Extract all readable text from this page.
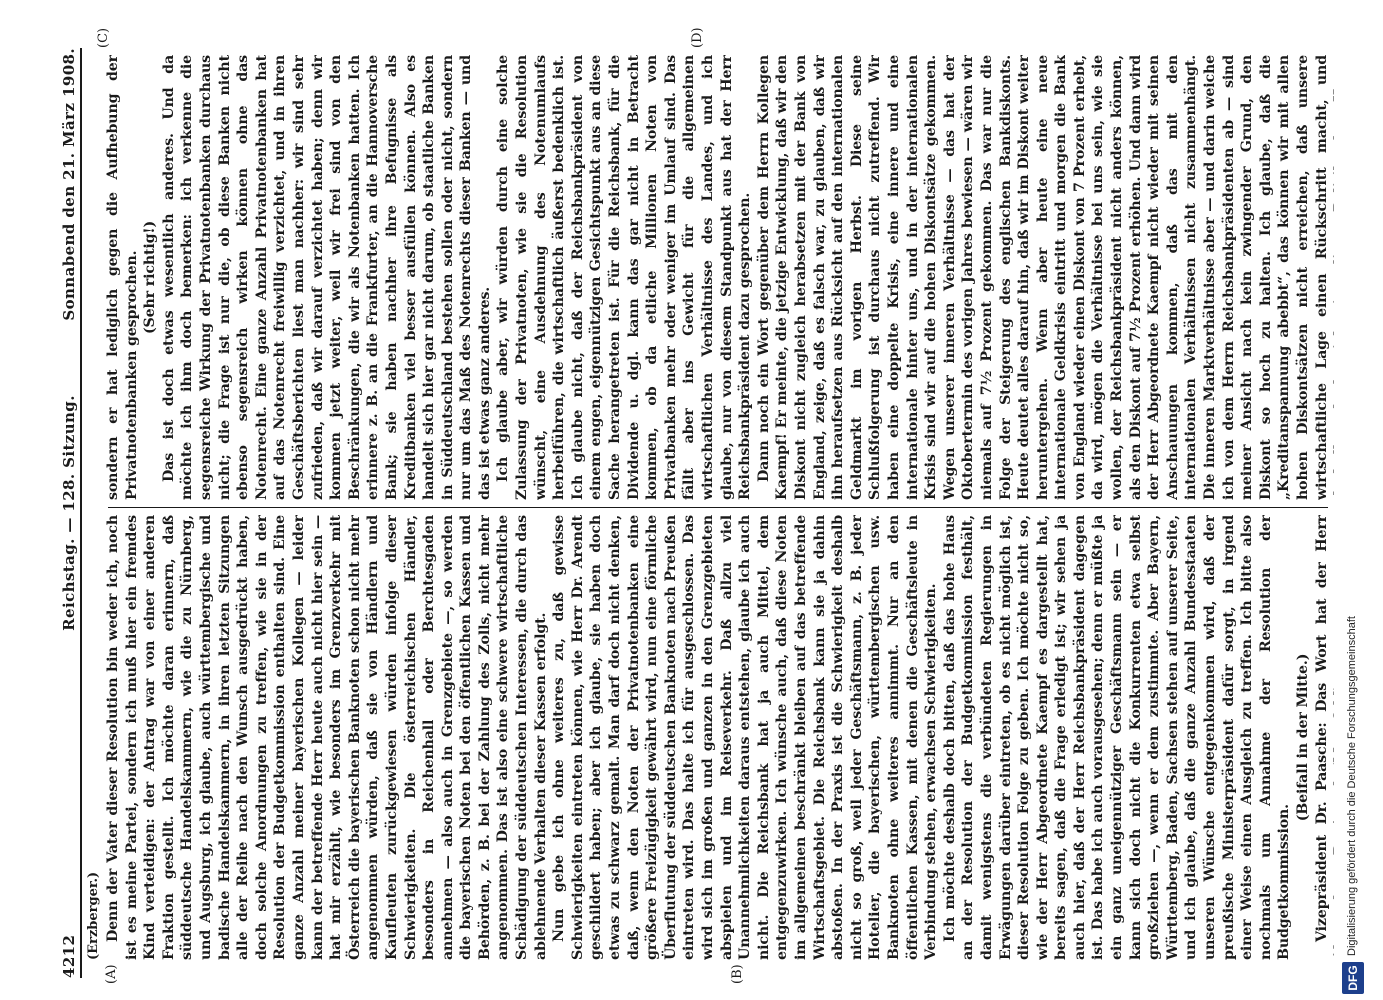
4212
Reichstag. — 128. Sitzung.
Sonnabend den 21. März 1908.
(Erzberger.)
(A)	(B)
(C)	(D)

Denn der Vater dieser Resolution bin weder ich, noch ist es meine Partei, sondern ich muß hier ein fremdes Kind verteidigen: der Antrag war von einer anderen Fraktion gestellt. Ich möchte daran erinnern, daß süddeutsche Handelskammern, wie die zu Nürnberg, und Augsburg, ich glaube, auch württembergische und badische Handelskammern, in ihren letzten Sitzungen alle der Reihe nach den Wunsch ausgedrückt haben, doch solche Anordnungen zu treffen, wie sie in der Resolution der Budgetkommission enthalten sind. Eine ganze Anzahl meiner bayerischen Kollegen — leider kann der betreffende Herr heute auch nicht hier sein — hat mir erzählt, wie besonders im Grenzverkehr mit Österreich die bayerischen Banknoten schon nicht mehr angenommen würden, daß sie von Händlern und Kaufleuten zurückgewiesen würden infolge dieser Schwierigkeiten. Die österreichischen Händler, besonders in Reichenhall oder Berchtesgaden annehmen — also auch in Grenzgebiete —, so werden die bayerischen Noten bei den öffentlichen Kassen und Behörden, z. B. bei der Zahlung des Zolls, nicht mehr angenommen. Das ist also eine schwere wirtschaftliche Schädigung der süddeutschen Interessen, die durch das ablehnende Verhalten dieser Kassen erfolgt. Nun gebe ich ohne weiteres zu, daß gewisse Schwierigkeiten eintreten können, wie Herr Dr. Arendt geschildert haben; aber ich glaube, sie haben doch etwas zu schwarz gemalt. Man darf doch nicht denken, daß, wenn den Noten der Privatnotenbanken eine größere Freizügigkeit gewährt wird, nun eine förmliche Überflutung der süddeutschen Banknoten nach Preußen eintreten wird. Das halte ich für ausgeschlossen. Das wird sich im großen und ganzen in den Grenzgebieten abspielen und im Reiseverkehr. Daß allzu viel Unannehmlichkeiten daraus entstehen, glaube ich auch nicht. Die Reichsbank hat ja auch Mittel, dem entgegenzuwirken. Ich wünsche auch, daß diese Noten im allgemeinen beschränkt bleiben auf das betreffende Wirtschaftsgebiet. Die Reichsbank kann sie ja dahin abstoßen. In der Praxis ist die Schwierigkeit deshalb nicht so groß, weil jeder Geschäftsmann, z. B. jeder Hotelier, die bayerischen, württembergischen usw. Banknoten ohne weiteres annimmt. Nur an den öffentlichen Kassen, mit denen die Geschäftsleute in Verbindung stehen, erwachsen Schwierigkeiten. Ich möchte deshalb doch bitten, daß das hohe Haus an der Resolution der Budgetkommission festhält, damit wenigstens die verbündeten Regierungen in Erwägungen darüber eintreten, ob es nicht möglich ist, dieser Resolution Folge zu geben. Ich möchte nicht so, wie der Herr Abgeordnete Kaempf es dargestellt hat, bereits sagen, daß die Frage erledigt ist; wir sehen ja auch hier, daß der Herr Reichsbankpräsident dagegen ist. Das habe ich auch vorausgesehen; denn er müßte ja ein ganz uneigennütziger Geschäftsmann sein — er kann sich doch nicht die Konkurrenten etwa selbst großziehen —, wenn er dem zustimmte. Aber Bayern, Württemberg, Baden, Sachsen stehen auf unserer Seite, und ich glaube, daß die ganze Anzahl Bundesstaaten unseren Wünsche entgegenkommen wird, daß der preußische Ministerpräsident dafür sorgt, in irgend einer Weise einen Ausgleich zu treffen. Ich bitte also nochmals um Annahme der Resolution der Budgetkommission.

(Beifall in der Mitte.)

Vizepräsident Dr. Paasche: Das Wort hat der Herr

sondern er hat lediglich gegen die Aufhebung der Privatnotenbanken gesprochen. (Sehr richtig!) Das ist doch etwas wesentlich anderes. Und da möchte ich ihm doch bemerken: ich verkenne die segensreiche Wirkung der Privatnotenbanken durchaus nicht; die Frage ist nur die, ob diese Banken nicht ebenso segensreich wirken können ohne das Notenrecht. Eine ganze Anzahl Privatnotenbanken hat auf das Notenrecht freiwillig verzichtet, und in ihren Geschäftsberichten liest man nachher: wir sind sehr zufrieden, daß wir darauf verzichtet haben; denn wir kommen jetzt weiter, weil wir frei sind von den Beschränkungen, die wir als Notenbanken hatten. Ich erinnere z. B. an die Frankfurter, an die Hannoversche Bank; sie haben nachher ihre Befugnisse als Kreditbanken viel besser ausfüllen können. Also es handelt sich hier gar nicht darum, ob staatliche Banken in Süddeutschland bestehen sollen oder nicht, sondern nur um das Maß des Notenrechts dieser Banken — und das ist etwas ganz anderes. Ich glaube aber, wir würden durch eine solche Zulassung der Privatnoten, wie sie die Resolution wünscht, eine Ausdehnung des Notenumlaufs herbeiführen, die wirtschaftlich äußerst bedenklich ist. Ich glaube nicht, daß der Reichsbankpräsident von einem engen, eigennützigen Gesichtspunkt aus an diese Sache herangetreten ist. Für die Reichsbank, für die Dividende u. dgl. kann das gar nicht in Betracht kommen, ob da etliche Millionen Noten von Privatbanken mehr oder weniger im Umlauf sind. Das fällt aber ins Gewicht für die allgemeinen wirtschaftlichen Verhältnisse des Landes, und ich glaube, nur von diesem Standpunkt aus hat der Herr Reichsbankpräsident dazu gesprochen. Dann noch ein Wort gegenüber dem Herrn Kollegen Kaempf! Er meinte, die jetzige Entwicklung, daß wir den Diskont nicht zugleich herabsetzen mit der Bank von England, zeige, daß es falsch war, zu glauben, daß wir ihn heraufsetzen aus Rücksicht auf den internationalen Geldmarkt im vorigen Herbst. Diese seine Schlußfolgerung ist durchaus nicht zutreffend. Wir haben eine doppelte Krisis, eine innere und eine internationale hinter uns, und in der internationalen Krisis sind wir auf die hohen Diskontsätze gekommen. Wegen unserer inneren Verhältnisse — das hat der Oktobertermin des vorigen Jahres bewiesen — wären wir niemals auf 7½ Prozent gekommen. Das war nur die Folge der Steigerung des englischen Bankdiskonts. Heute deutet alles darauf hin, daß wir im Diskont weiter heruntergehen. Wenn aber heute eine neue internationale Geldkrisis eintritt und morgen die Bank von England wieder einen Diskont von 7 Prozent erhebt, da wird, mögen die Verhältnisse bei uns sein, wie sie wollen, der Reichsbankpräsident nicht anders können, als den Diskont auf 7½ Prozent erhöhen. Und dann wird der Herr Abgeordnete Kaempf nicht wieder mit seinen Anschauungen kommen, daß das mit den internationalen Verhältnissen nicht zusammenhängt. Die inneren Marktverhältnisse aber — und darin weiche ich von dem Herrn Reichsbankpräsidenten ab — sind meiner Ansicht nach kein zwingender Grund, den Diskont so hoch zu halten. Ich glaube, daß die „Kreditanspannung abebbt“, das können wir mit allen hohen Diskontsätzen nicht erreichen, daß unsere wirtschaftliche Lage einen Rückschritt macht, und

DFG
Digitalisierung gefördert durch die Deutsche Forschungsgemeinschaft
